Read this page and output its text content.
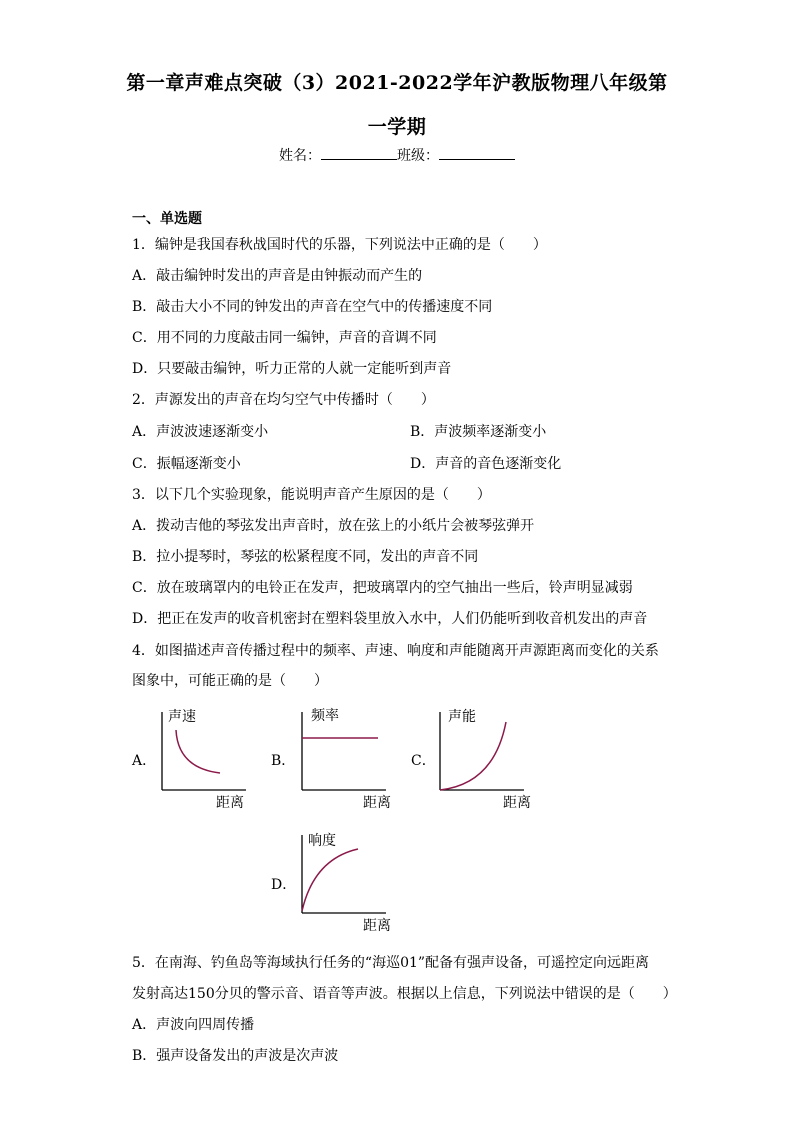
第一章声难点突破（3）2021-2022学年沪教版物理八年级第
一学期
姓名：	班级：
一、单选题
1．编钟是我国春秋战国时代的乐器，下列说法中正确的是（　　）
A．敲击编钟时发出的声音是由钟振动而产生的
B．敲击大小不同的钟发出的声音在空气中的传播速度不同
C．用不同的力度敲击同一编钟，声音的音调不同
D．只要敲击编钟，听力正常的人就一定能听到声音
2．声源发出的声音在均匀空气中传播时（　　）
A．声波波速逐渐变小	B．声波频率逐渐变小
C．振幅逐渐变小	D．声音的音色逐渐变化
3．以下几个实验现象，能说明声音产生原因的是（　　）
A．拨动吉他的琴弦发出声音时，放在弦上的小纸片会被琴弦弹开
B．拉小提琴时，琴弦的松紧程度不同，发出的声音不同
C．放在玻璃罩内的电铃正在发声，把玻璃罩内的空气抽出一些后，铃声明显减弱
D．把正在发声的收音机密封在塑料袋里放入水中，人们仍能听到收音机发出的声音
4．如图描述声音传播过程中的频率、声速、响度和声能随离开声源距离而变化的关系
图象中，可能正确的是（　　）
A．
声速
距离
B．
频率
距离
C．
声能
距离
D．
响度
距离
5．在南海、钓鱼岛等海域执行任务的“海巡01”配备有强声设备，可遥控定向远距离
发射高达150分贝的警示音、语音等声波。根据以上信息，下列说法中错误的是（　　）
A．声波向四周传播
B．强声设备发出的声波是次声波
